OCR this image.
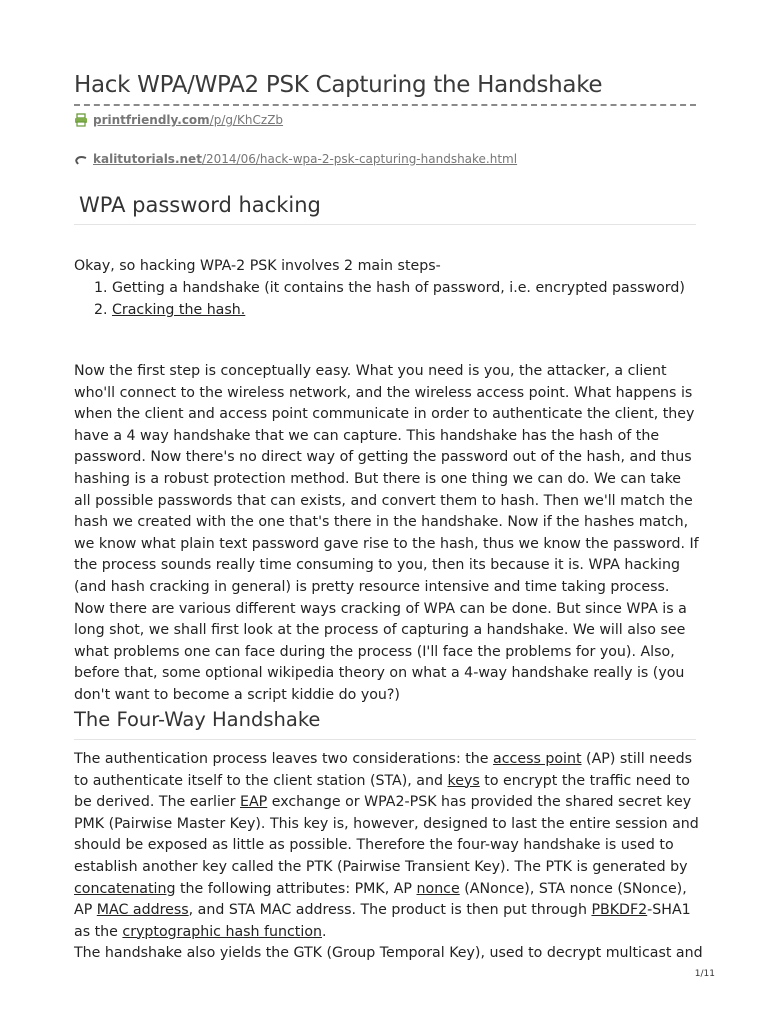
Hack WPA/WPA2 PSK Capturing the Handshake
printfriendly.com/p/g/KhCzZb
kalitutorials.net/2014/06/hack-wpa-2-psk-capturing-handshake.html
WPA password hacking

Okay, so hacking WPA-2 PSK involves 2 main steps-

1. Getting a handshake (it contains the hash of password, i.e. encrypted password)
2. Cracking the hash.

Now the first step is conceptually easy. What you need is you, the attacker, a client who'll connect to the wireless network, and the wireless access point. What happens is when the client and access point communicate in order to authenticate the client, they have a 4 way handshake that we can capture. This handshake has the hash of the password. Now there's no direct way of getting the password out of the hash, and thus hashing is a robust protection method. But there is one thing we can do. We can take all possible passwords that can exists, and convert them to hash. Then we'll match the hash we created with the one that's there in the handshake. Now if the hashes match, we know what plain text password gave rise to the hash, thus we know the password. If the process sounds really time consuming to you, then its because it is. WPA hacking (and hash cracking in general) is pretty resource intensive and time taking process. Now there are various different ways cracking of WPA can be done. But since WPA is a long shot, we shall first look at the process of capturing a handshake. We will also see what problems one can face during the process (I'll face the problems for you). Also, before that, some optional wikipedia theory on what a 4-way handshake really is (you don't want to become a script kiddie do you?)

The Four-Way Handshake

The authentication process leaves two considerations: the access point (AP) still needs to authenticate itself to the client station (STA), and keys to encrypt the traffic need to be derived. The earlier EAP exchange or WPA2-PSK has provided the shared secret key PMK (Pairwise Master Key). This key is, however, designed to last the entire session and should be exposed as little as possible. Therefore the four-way handshake is used to establish another key called the PTK (Pairwise Transient Key). The PTK is generated by concatenating the following attributes: PMK, AP nonce (ANonce), STA nonce (SNonce), AP MAC address, and STA MAC address. The product is then put through PBKDF2-SHA1 as the cryptographic hash function.

The handshake also yields the GTK (Group Temporal Key), used to decrypt multicast and

1/11
